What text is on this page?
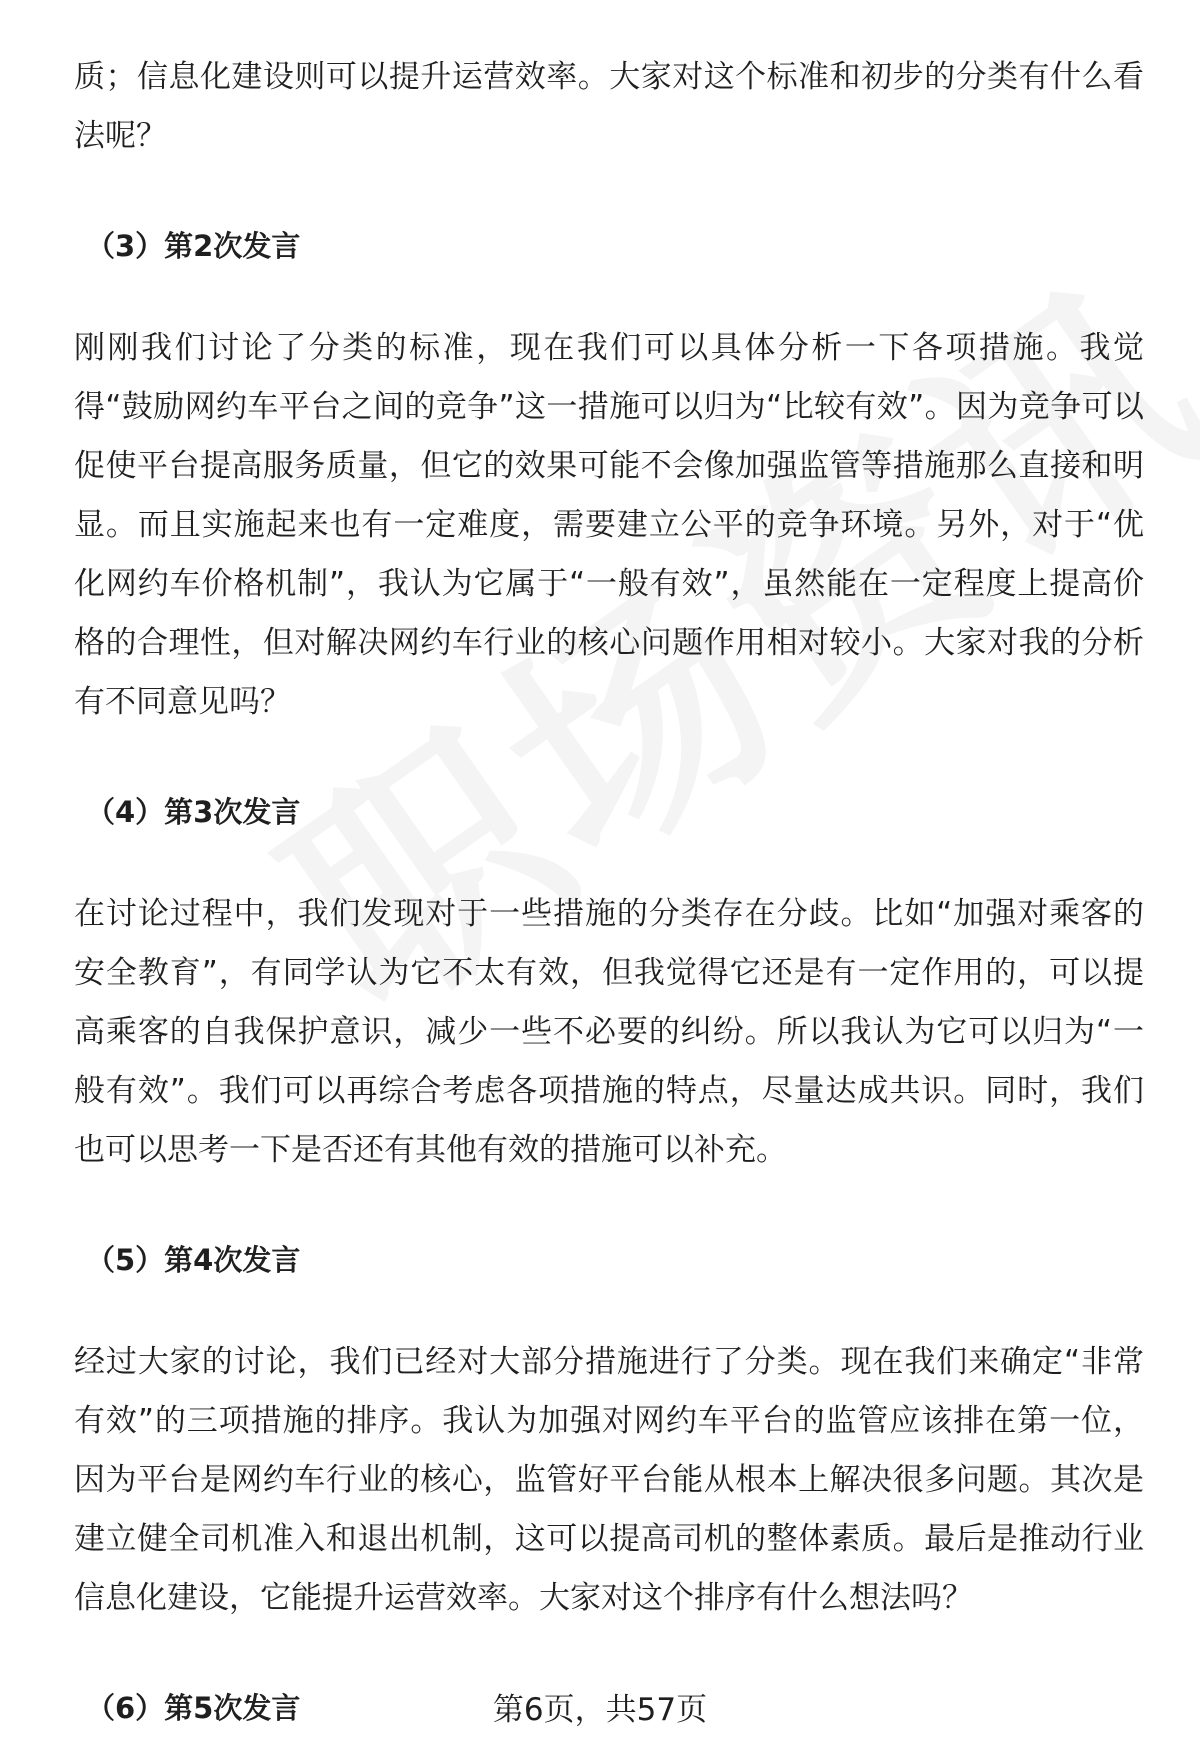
质；信息化建设则可以提升运营效率。大家对这个标准和初步的分类有什么看法呢？

（3）第2次发言

刚刚我们讨论了分类的标准，现在我们可以具体分析一下各项措施。我觉得“鼓励网约车平台之间的竞争”这一措施可以归为“比较有效”。因为竞争可以促使平台提高服务质量，但它的效果可能不会像加强监管等措施那么直接和明显。而且实施起来也有一定难度，需要建立公平的竞争环境。另外，对于“优化网约车价格机制”，我认为它属于“一般有效”，虽然能在一定程度上提高价格的合理性，但对解决网约车行业的核心问题作用相对较小。大家对我的分析有不同意见吗？

（4）第3次发言

在讨论过程中，我们发现对于一些措施的分类存在分歧。比如“加强对乘客的安全教育”，有同学认为它不太有效，但我觉得它还是有一定作用的，可以提高乘客的自我保护意识，减少一些不必要的纠纷。所以我认为它可以归为“一般有效”。我们可以再综合考虑各项措施的特点，尽量达成共识。同时，我们也可以思考一下是否还有其他有效的措施可以补充。

（5）第4次发言

经过大家的讨论，我们已经对大部分措施进行了分类。现在我们来确定“非常有效”的三项措施的排序。我认为加强对网约车平台的监管应该排在第一位，因为平台是网约车行业的核心，监管好平台能从根本上解决很多问题。其次是建立健全司机准入和退出机制，这可以提高司机的整体素质。最后是推动行业信息化建设，它能提升运营效率。大家对这个排序有什么想法吗？

（6）第5次发言	第6页，共57页
